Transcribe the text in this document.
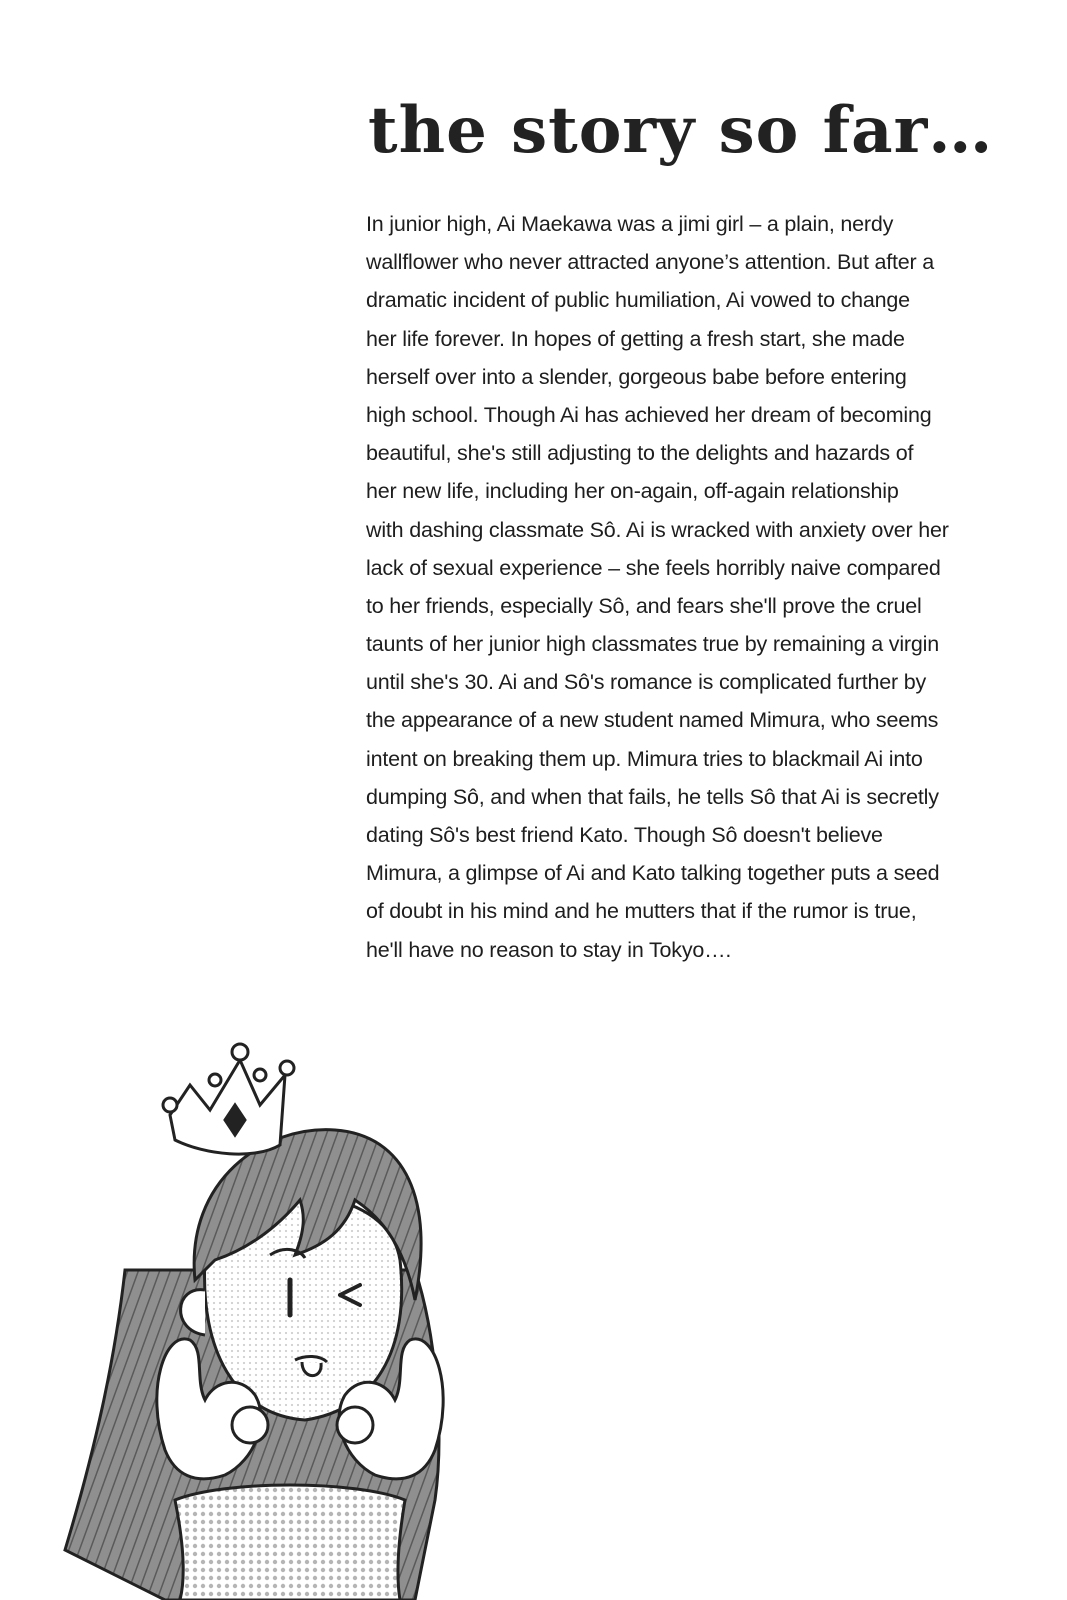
the story so far…
In junior high, Ai Maekawa was a jimi girl – a plain, nerdy
wallflower who never attracted anyone’s attention. But after a
dramatic incident of public humiliation, Ai vowed to change
her life forever. In hopes of getting a fresh start, she made
herself over into a slender, gorgeous babe before entering
high school. Though Ai has achieved her dream of becoming
beautiful, she's still adjusting to the delights and hazards of
her new life, including her on-again, off-again relationship
with dashing classmate Sô. Ai is wracked with anxiety over her
lack of sexual experience – she feels horribly naive compared
to her friends, especially Sô, and fears she'll prove the cruel
taunts of her junior high classmates true by remaining a virgin
until she's 30. Ai and Sô's romance is complicated further by
the appearance of a new student named Mimura, who seems
intent on breaking them up. Mimura tries to blackmail Ai into
dumping Sô, and when that fails, he tells Sô that Ai is secretly
dating Sô's best friend Kato. Though Sô doesn't believe
Mimura, a glimpse of Ai and Kato talking together puts a seed
of doubt in his mind and he mutters that if the rumor is true,
he'll have no reason to stay in Tokyo….
